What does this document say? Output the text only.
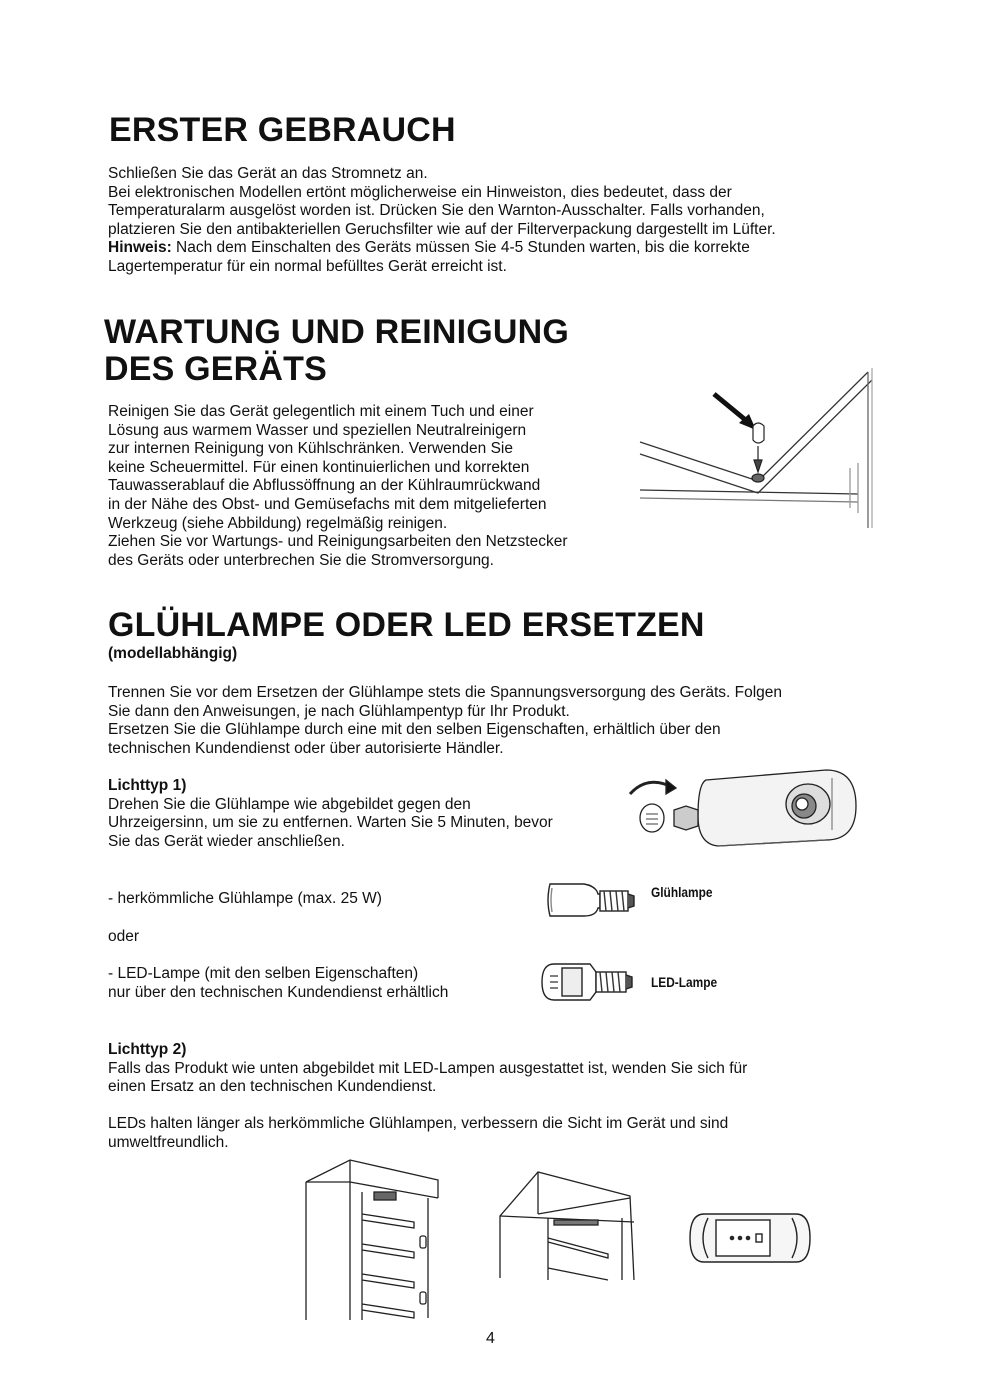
ERSTER GEBRAUCH
Schließen Sie das Gerät an das Stromnetz an.
Bei elektronischen Modellen ertönt möglicherweise ein Hinweiston, dies bedeutet, dass der
Temperaturalarm ausgelöst worden ist. Drücken Sie den Warnton-Ausschalter. Falls vorhanden,
platzieren Sie den antibakteriellen Geruchsfilter wie auf der Filterverpackung dargestellt im Lüfter.
Hinweis: Nach dem Einschalten des Geräts müssen Sie 4-5 Stunden warten, bis die korrekte
Lagertemperatur für ein normal befülltes Gerät erreicht ist.
WARTUNG UND REINIGUNG
DES GERÄTS
Reinigen Sie das Gerät gelegentlich mit einem Tuch und einer
Lösung aus warmem Wasser und speziellen Neutralreinigern
zur internen Reinigung von Kühlschränken. Verwenden Sie
keine Scheuermittel. Für einen kontinuierlichen und korrekten
Tauwasserablauf die Abflussöffnung an der Kühlraumrückwand
in der Nähe des Obst- und Gemüsefachs mit dem mitgelieferten
Werkzeug (siehe Abbildung) regelmäßig reinigen.
Ziehen Sie vor Wartungs- und Reinigungsarbeiten den Netzstecker
des Geräts oder unterbrechen Sie die Stromversorgung.
GLÜHLAMPE ODER LED ERSETZEN
(modellabhängig)
Trennen Sie vor dem Ersetzen der Glühlampe stets die Spannungsversorgung des Geräts. Folgen
Sie dann den Anweisungen, je nach Glühlampentyp für Ihr Produkt.
Ersetzen Sie die Glühlampe durch eine mit den selben Eigenschaften, erhältlich über den
technischen Kundendienst oder über autorisierte Händler.
Lichttyp 1)
Drehen Sie die Glühlampe wie abgebildet gegen den
Uhrzeigersinn, um sie zu entfernen. Warten Sie 5 Minuten, bevor
Sie das Gerät wieder anschließen.
- herkömmliche Glühlampe (max. 25 W)
oder
- LED-Lampe (mit den selben Eigenschaften)
nur über den technischen Kundendienst erhältlich
Glühlampe
LED-Lampe
Lichttyp 2)
Falls das Produkt wie unten abgebildet mit LED-Lampen ausgestattet ist, wenden Sie sich für
einen Ersatz an den technischen Kundendienst.
LEDs halten länger als herkömmliche Glühlampen, verbessern die Sicht im Gerät und sind
umweltfreundlich.
4
